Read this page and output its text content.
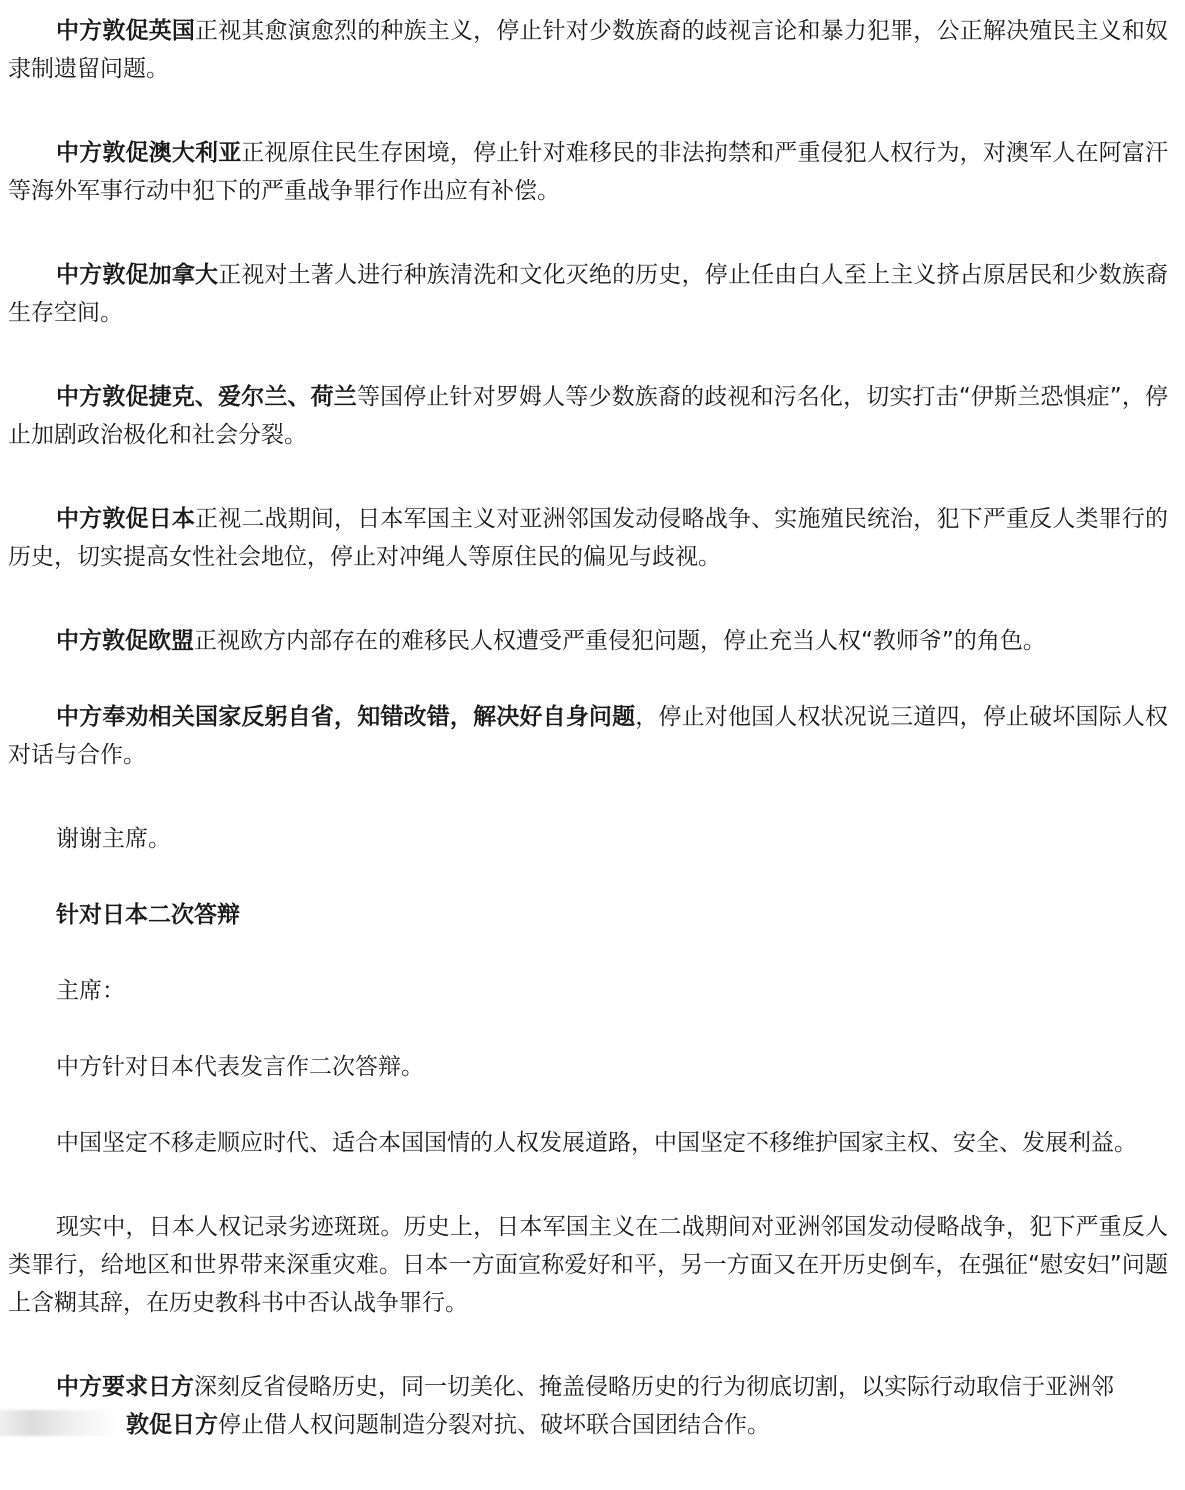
中方敦促英国正视其愈演愈烈的种族主义，停止针对少数族裔的歧视言论和暴力犯罪，公正解决殖民主义和奴隶制遗留问题。

中方敦促澳大利亚正视原住民生存困境，停止针对难移民的非法拘禁和严重侵犯人权行为，对澳军人在阿富汗等海外军事行动中犯下的严重战争罪行作出应有补偿。

中方敦促加拿大正视对土著人进行种族清洗和文化灭绝的历史，停止任由白人至上主义挤占原居民和少数族裔生存空间。

中方敦促捷克、爱尔兰、荷兰等国停止针对罗姆人等少数族裔的歧视和污名化，切实打击“伊斯兰恐惧症”，停止加剧政治极化和社会分裂。

中方敦促日本正视二战期间，日本军国主义对亚洲邻国发动侵略战争、实施殖民统治，犯下严重反人类罪行的历史，切实提高女性社会地位，停止对冲绳人等原住民的偏见与歧视。

中方敦促欧盟正视欧方内部存在的难移民人权遭受严重侵犯问题，停止充当人权“教师爷”的角色。

中方奉劝相关国家反躬自省，知错改错，解决好自身问题，停止对他国人权状况说三道四，停止破坏国际人权对话与合作。

谢谢主席。

针对日本二次答辩

主席：

中方针对日本代表发言作二次答辩。

中国坚定不移走顺应时代、适合本国国情的人权发展道路，中国坚定不移维护国家主权、安全、发展利益。

现实中，日本人权记录劣迹斑斑。历史上，日本军国主义在二战期间对亚洲邻国发动侵略战争，犯下严重反人类罪行，给地区和世界带来深重灾难。日本一方面宣称爱好和平，另一方面又在开历史倒车，在强征“慰安妇”问题上含糊其辞，在历史教科书中否认战争罪行。

中方要求日方深刻反省侵略历史，同一切美化、掩盖侵略历史的行为彻底切割，以实际行动取信于亚洲邻
敦促日方停止借人权问题制造分裂对抗、破坏联合国团结合作。
